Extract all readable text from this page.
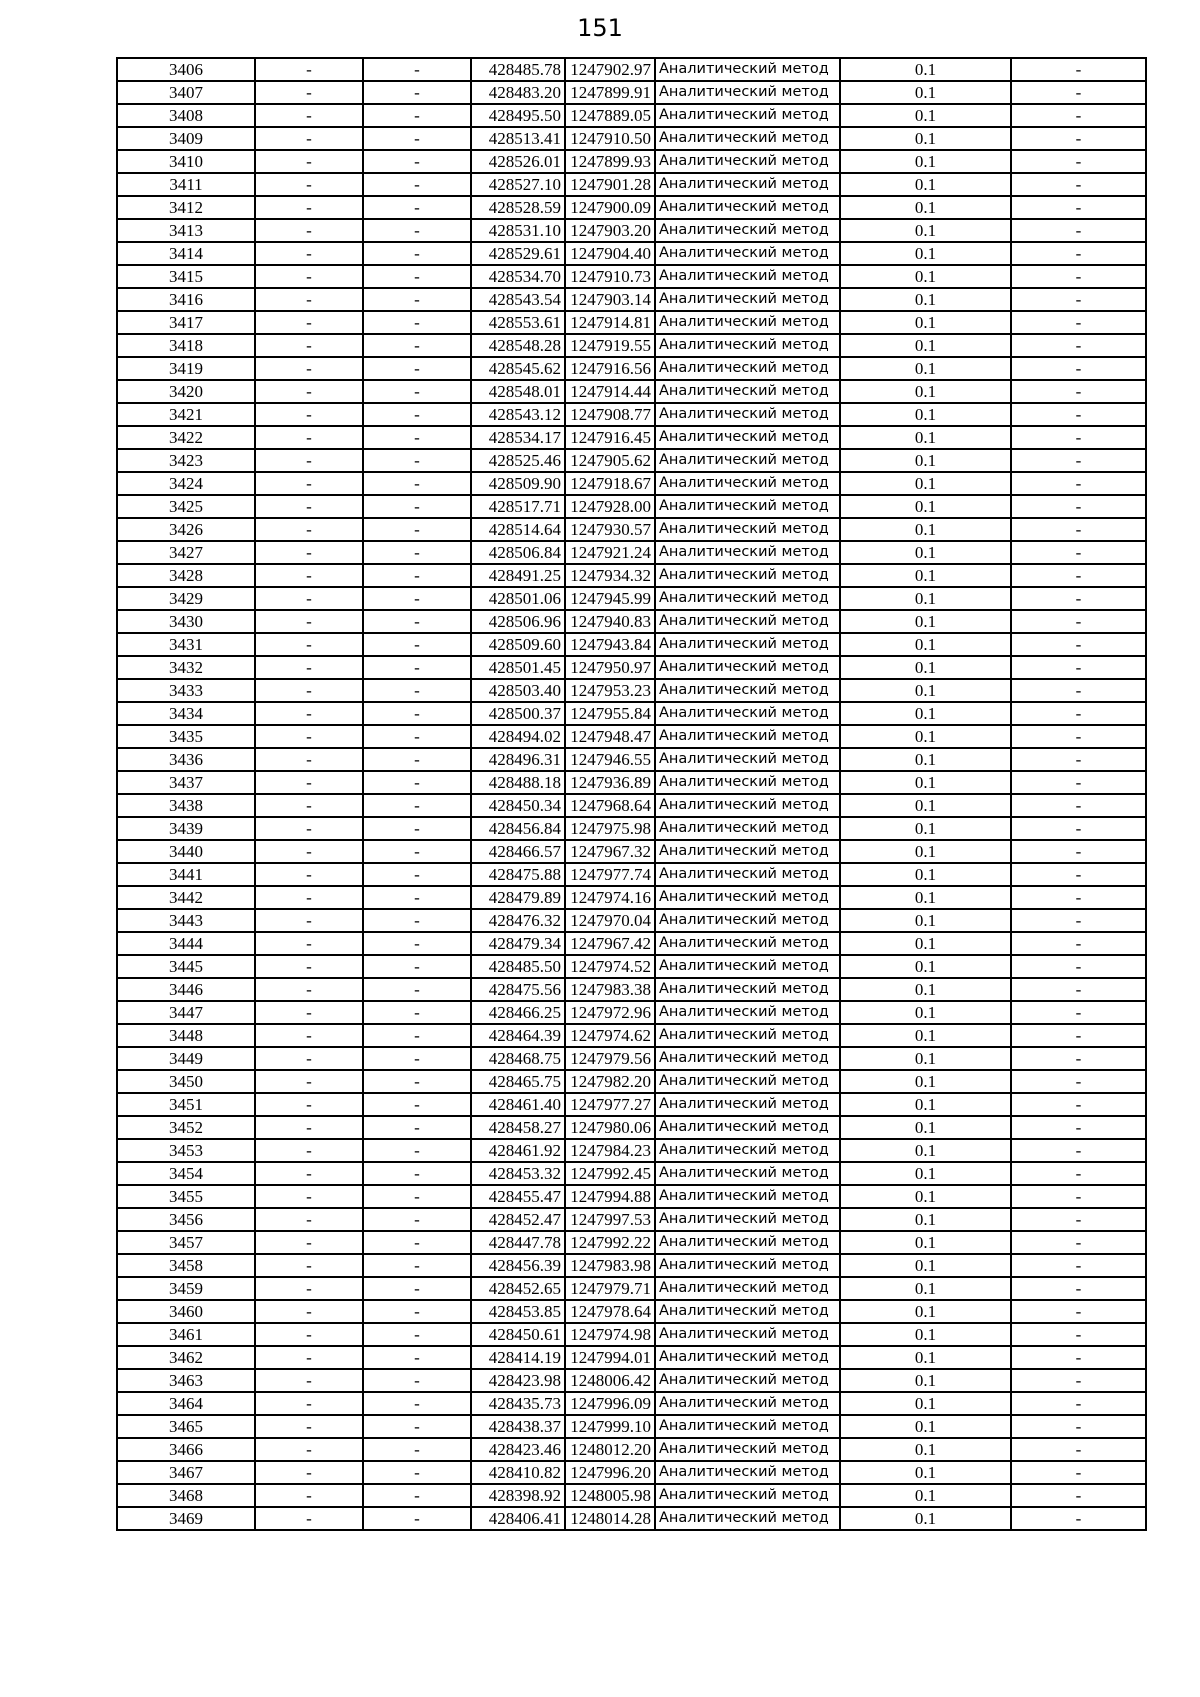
151
3406	-	-	428485.78	1247902.97	Аналитический метод	0.1	-
3407	-	-	428483.20	1247899.91	Аналитический метод	0.1	-
3408	-	-	428495.50	1247889.05	Аналитический метод	0.1	-
3409	-	-	428513.41	1247910.50	Аналитический метод	0.1	-
3410	-	-	428526.01	1247899.93	Аналитический метод	0.1	-
3411	-	-	428527.10	1247901.28	Аналитический метод	0.1	-
3412	-	-	428528.59	1247900.09	Аналитический метод	0.1	-
3413	-	-	428531.10	1247903.20	Аналитический метод	0.1	-
3414	-	-	428529.61	1247904.40	Аналитический метод	0.1	-
3415	-	-	428534.70	1247910.73	Аналитический метод	0.1	-
3416	-	-	428543.54	1247903.14	Аналитический метод	0.1	-
3417	-	-	428553.61	1247914.81	Аналитический метод	0.1	-
3418	-	-	428548.28	1247919.55	Аналитический метод	0.1	-
3419	-	-	428545.62	1247916.56	Аналитический метод	0.1	-
3420	-	-	428548.01	1247914.44	Аналитический метод	0.1	-
3421	-	-	428543.12	1247908.77	Аналитический метод	0.1	-
3422	-	-	428534.17	1247916.45	Аналитический метод	0.1	-
3423	-	-	428525.46	1247905.62	Аналитический метод	0.1	-
3424	-	-	428509.90	1247918.67	Аналитический метод	0.1	-
3425	-	-	428517.71	1247928.00	Аналитический метод	0.1	-
3426	-	-	428514.64	1247930.57	Аналитический метод	0.1	-
3427	-	-	428506.84	1247921.24	Аналитический метод	0.1	-
3428	-	-	428491.25	1247934.32	Аналитический метод	0.1	-
3429	-	-	428501.06	1247945.99	Аналитический метод	0.1	-
3430	-	-	428506.96	1247940.83	Аналитический метод	0.1	-
3431	-	-	428509.60	1247943.84	Аналитический метод	0.1	-
3432	-	-	428501.45	1247950.97	Аналитический метод	0.1	-
3433	-	-	428503.40	1247953.23	Аналитический метод	0.1	-
3434	-	-	428500.37	1247955.84	Аналитический метод	0.1	-
3435	-	-	428494.02	1247948.47	Аналитический метод	0.1	-
3436	-	-	428496.31	1247946.55	Аналитический метод	0.1	-
3437	-	-	428488.18	1247936.89	Аналитический метод	0.1	-
3438	-	-	428450.34	1247968.64	Аналитический метод	0.1	-
3439	-	-	428456.84	1247975.98	Аналитический метод	0.1	-
3440	-	-	428466.57	1247967.32	Аналитический метод	0.1	-
3441	-	-	428475.88	1247977.74	Аналитический метод	0.1	-
3442	-	-	428479.89	1247974.16	Аналитический метод	0.1	-
3443	-	-	428476.32	1247970.04	Аналитический метод	0.1	-
3444	-	-	428479.34	1247967.42	Аналитический метод	0.1	-
3445	-	-	428485.50	1247974.52	Аналитический метод	0.1	-
3446	-	-	428475.56	1247983.38	Аналитический метод	0.1	-
3447	-	-	428466.25	1247972.96	Аналитический метод	0.1	-
3448	-	-	428464.39	1247974.62	Аналитический метод	0.1	-
3449	-	-	428468.75	1247979.56	Аналитический метод	0.1	-
3450	-	-	428465.75	1247982.20	Аналитический метод	0.1	-
3451	-	-	428461.40	1247977.27	Аналитический метод	0.1	-
3452	-	-	428458.27	1247980.06	Аналитический метод	0.1	-
3453	-	-	428461.92	1247984.23	Аналитический метод	0.1	-
3454	-	-	428453.32	1247992.45	Аналитический метод	0.1	-
3455	-	-	428455.47	1247994.88	Аналитический метод	0.1	-
3456	-	-	428452.47	1247997.53	Аналитический метод	0.1	-
3457	-	-	428447.78	1247992.22	Аналитический метод	0.1	-
3458	-	-	428456.39	1247983.98	Аналитический метод	0.1	-
3459	-	-	428452.65	1247979.71	Аналитический метод	0.1	-
3460	-	-	428453.85	1247978.64	Аналитический метод	0.1	-
3461	-	-	428450.61	1247974.98	Аналитический метод	0.1	-
3462	-	-	428414.19	1247994.01	Аналитический метод	0.1	-
3463	-	-	428423.98	1248006.42	Аналитический метод	0.1	-
3464	-	-	428435.73	1247996.09	Аналитический метод	0.1	-
3465	-	-	428438.37	1247999.10	Аналитический метод	0.1	-
3466	-	-	428423.46	1248012.20	Аналитический метод	0.1	-
3467	-	-	428410.82	1247996.20	Аналитический метод	0.1	-
3468	-	-	428398.92	1248005.98	Аналитический метод	0.1	-
3469	-	-	428406.41	1248014.28	Аналитический метод	0.1	-
